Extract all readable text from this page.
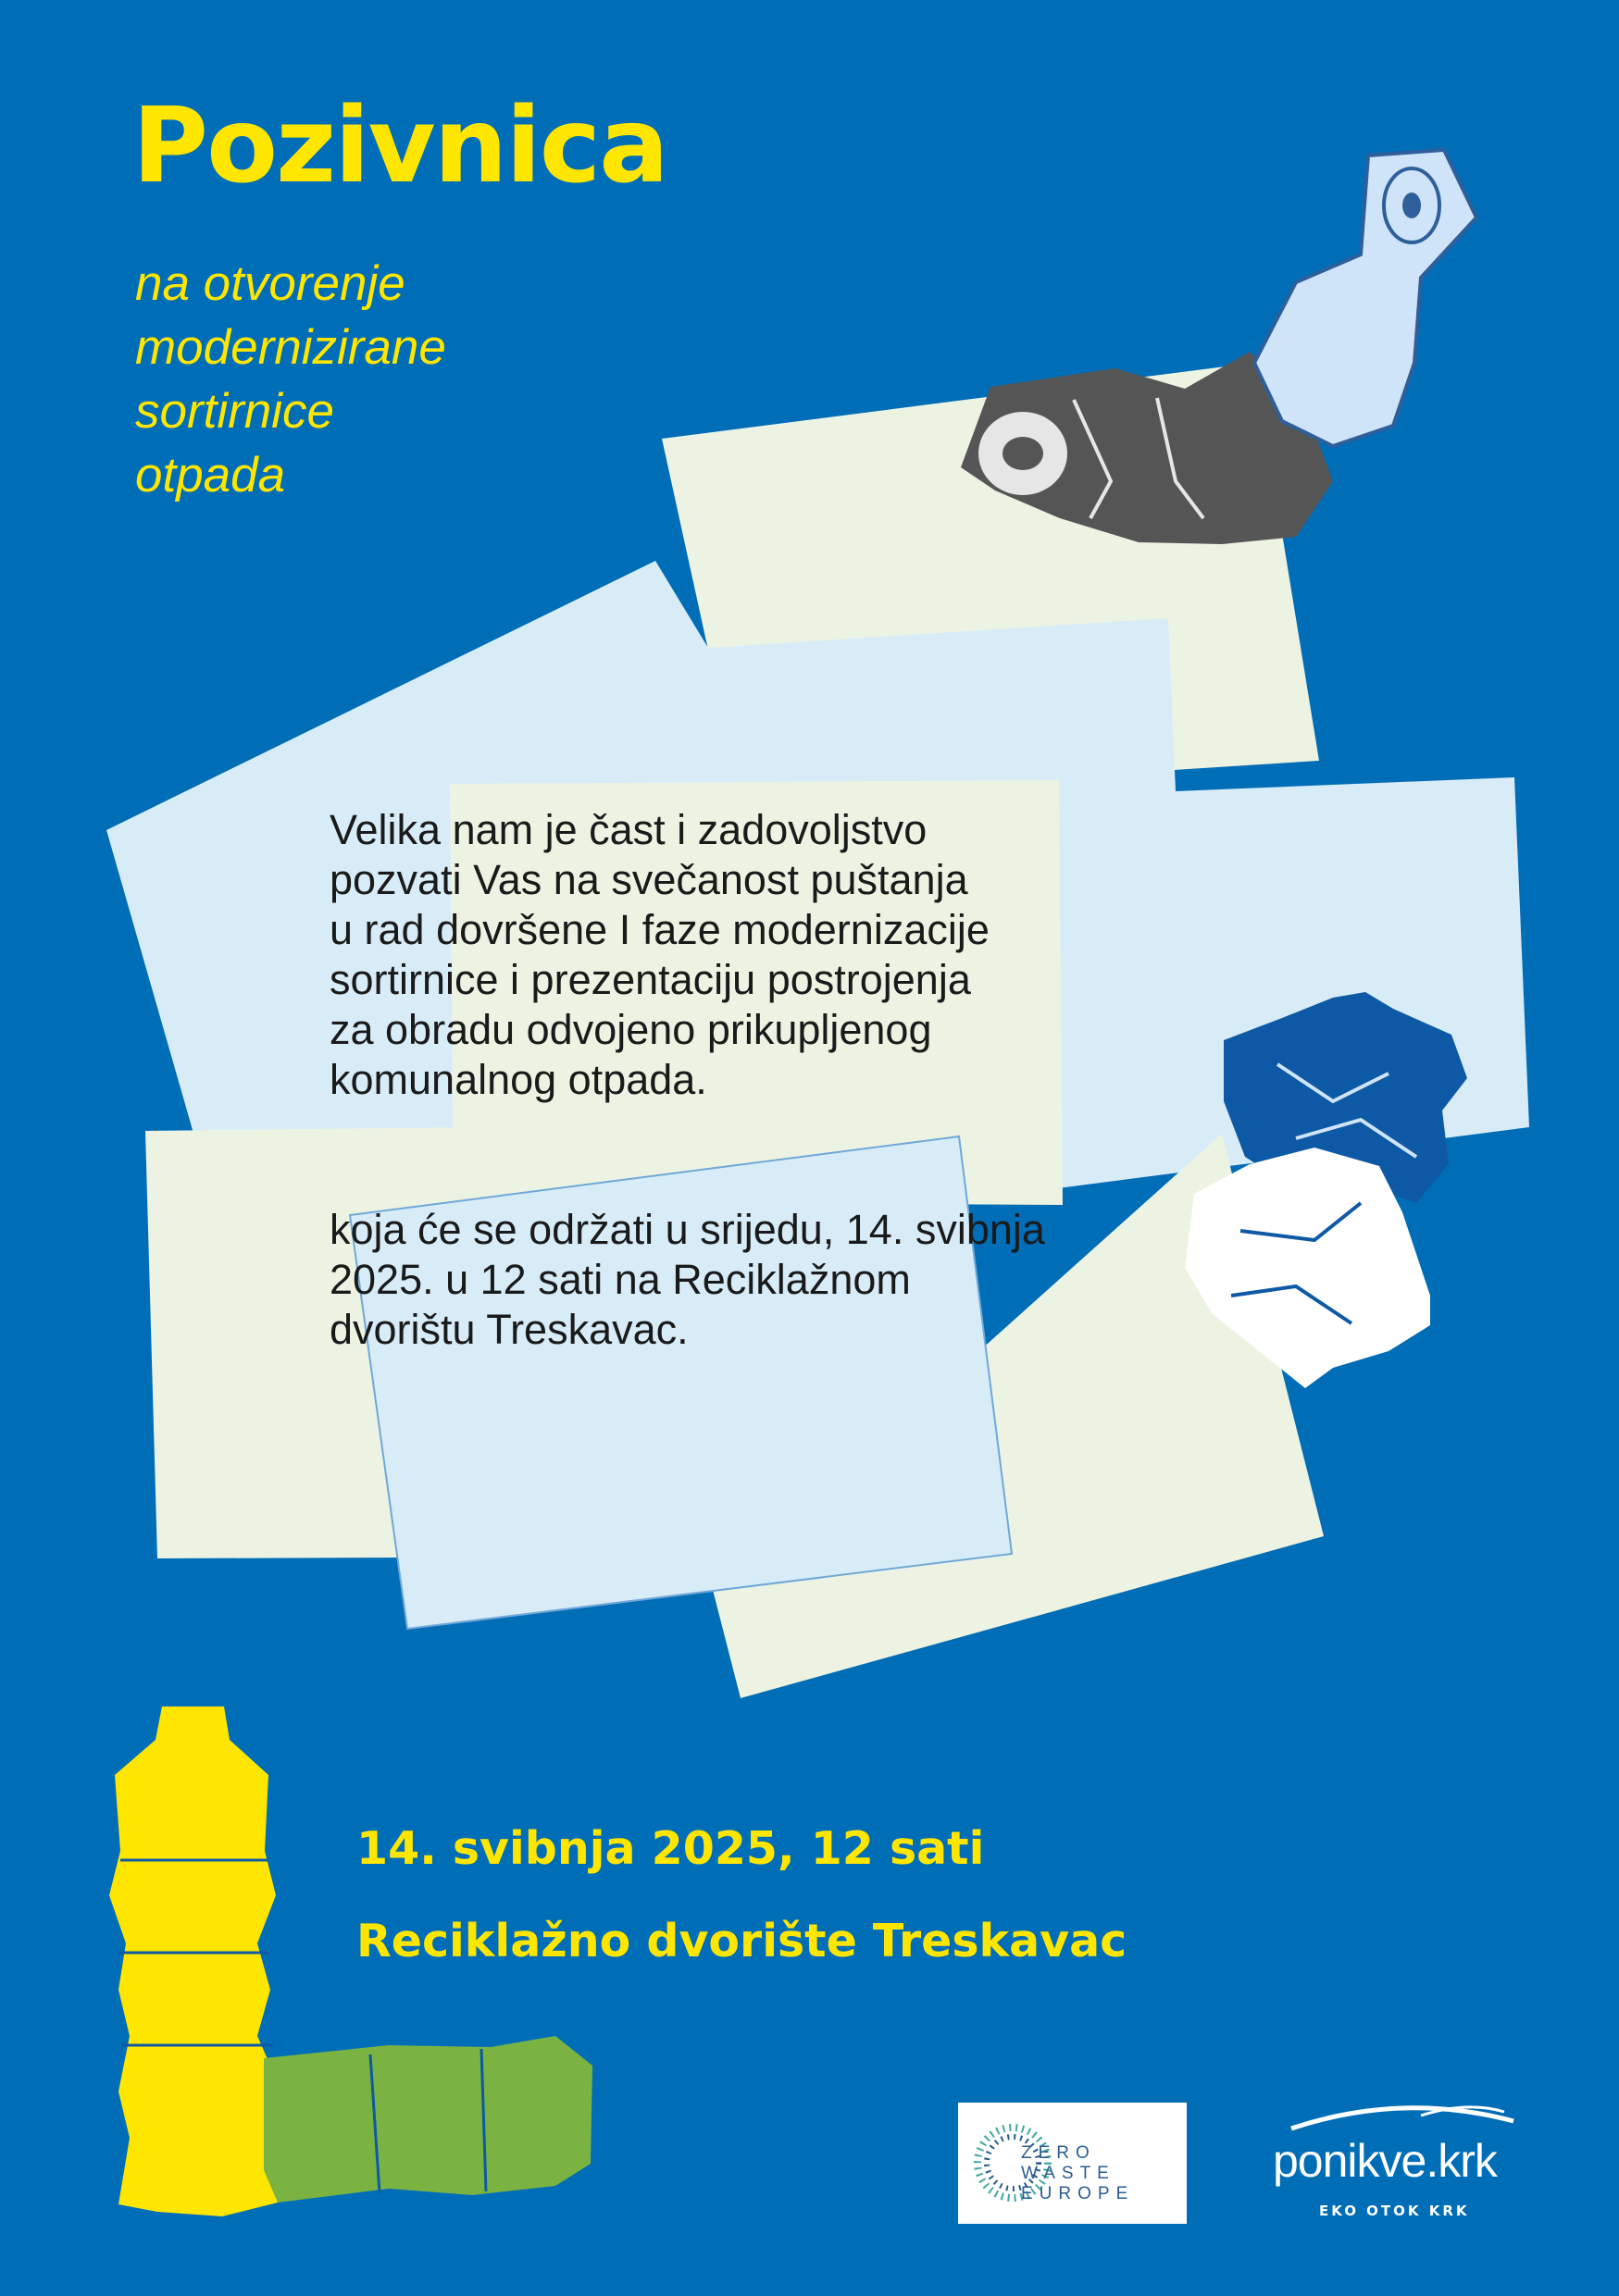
Pozivnica

na otvorenje
modernizirane
sortirnice
otpada

Velika nam je čast i zadovoljstvo
pozvati Vas na svečanost puštanja
u rad dovršene I faze modernizacije
sortirnice i prezentaciju postrojenja
za obradu odvojeno prikupljenog
komunalnog otpada.
koja će se održati u srijedu, 14. svibnja
2025. u 12 sati na Reciklažnom
dvorištu Treskavac.

14. svibnja 2025, 12 sati
Reciklažno dvorište Treskavac

ZERO
WASTE
EUROPE
ponikve.krk
EKO OTOK KRK
